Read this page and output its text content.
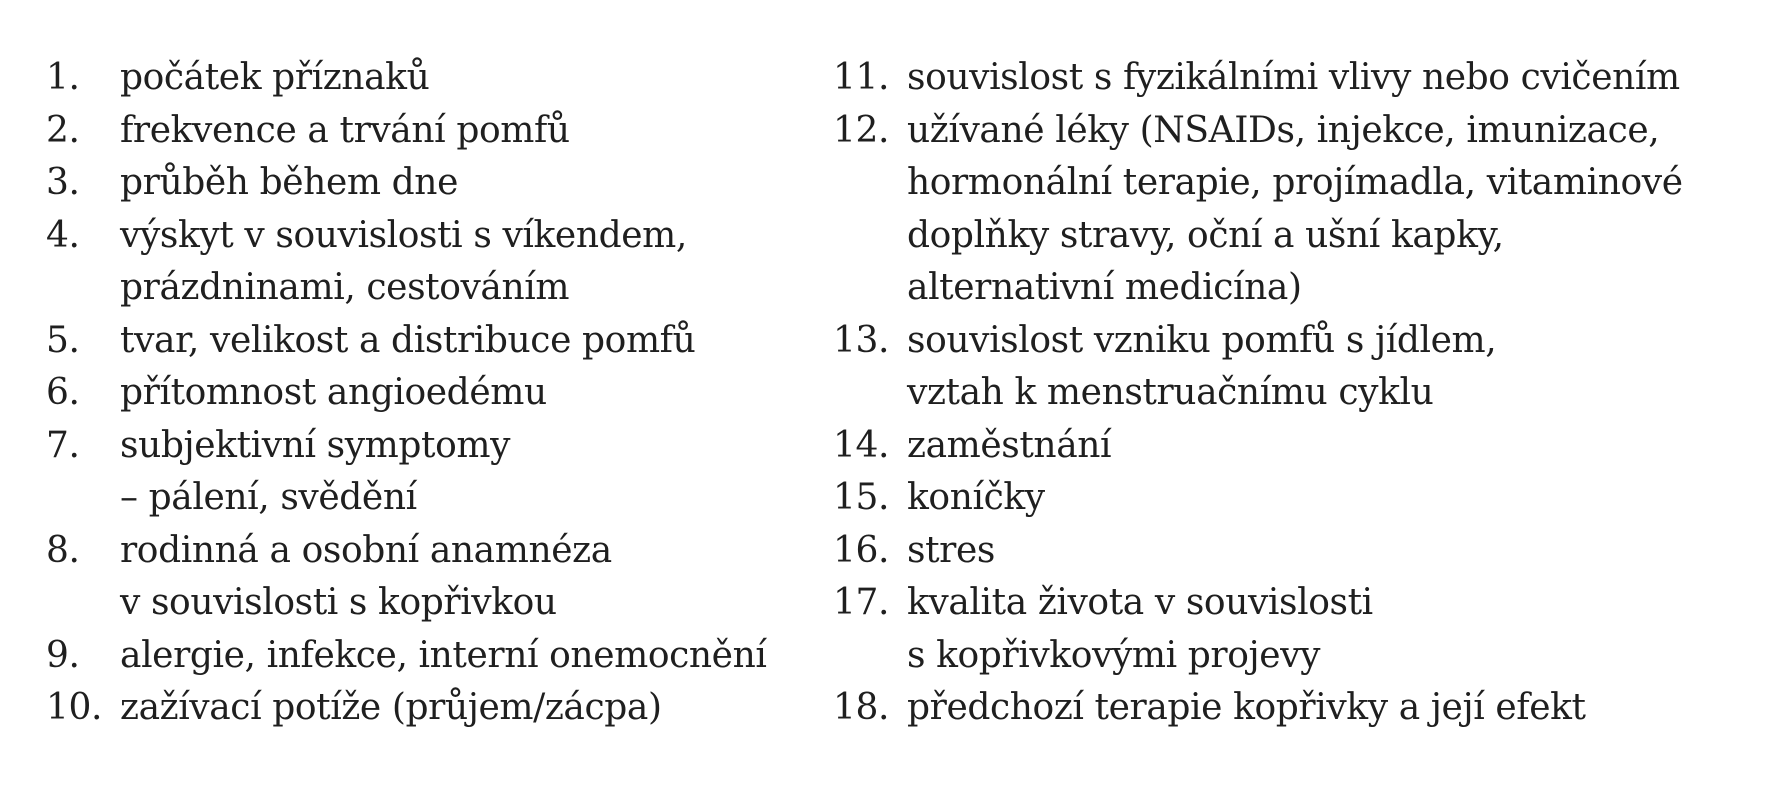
1.	počátek příznaků
2.	frekvence a trvání pomfů
3.	průběh během dne
4.	výskyt v souvislosti s víkendem,
prázdninami, cestováním
5.	tvar, velikost a distribuce pomfů
6.	přítomnost angioedému
7.	subjektivní symptomy
– pálení, svědění
8.	rodinná a osobní anamnéza
v souvislosti s kopřivkou
9.	alergie, infekce, interní onemocnění
10. zažívací potíže (průjem/zácpa)
11. souvislost s fyzikálními vlivy nebo cvičením
12. užívané léky (NSAIDs, injekce, imunizace,
hormonální terapie, projímadla, vitaminové
doplňky stravy, oční a ušní kapky,
alternativní medicína)
13. souvislost vzniku pomfů s jídlem,
vztah k menstruačnímu cyklu
14. zaměstnání
15. koníčky
16. stres
17. kvalita života v souvislosti
s kopřivkovými projevy
18. předchozí terapie kopřivky a její efekt
